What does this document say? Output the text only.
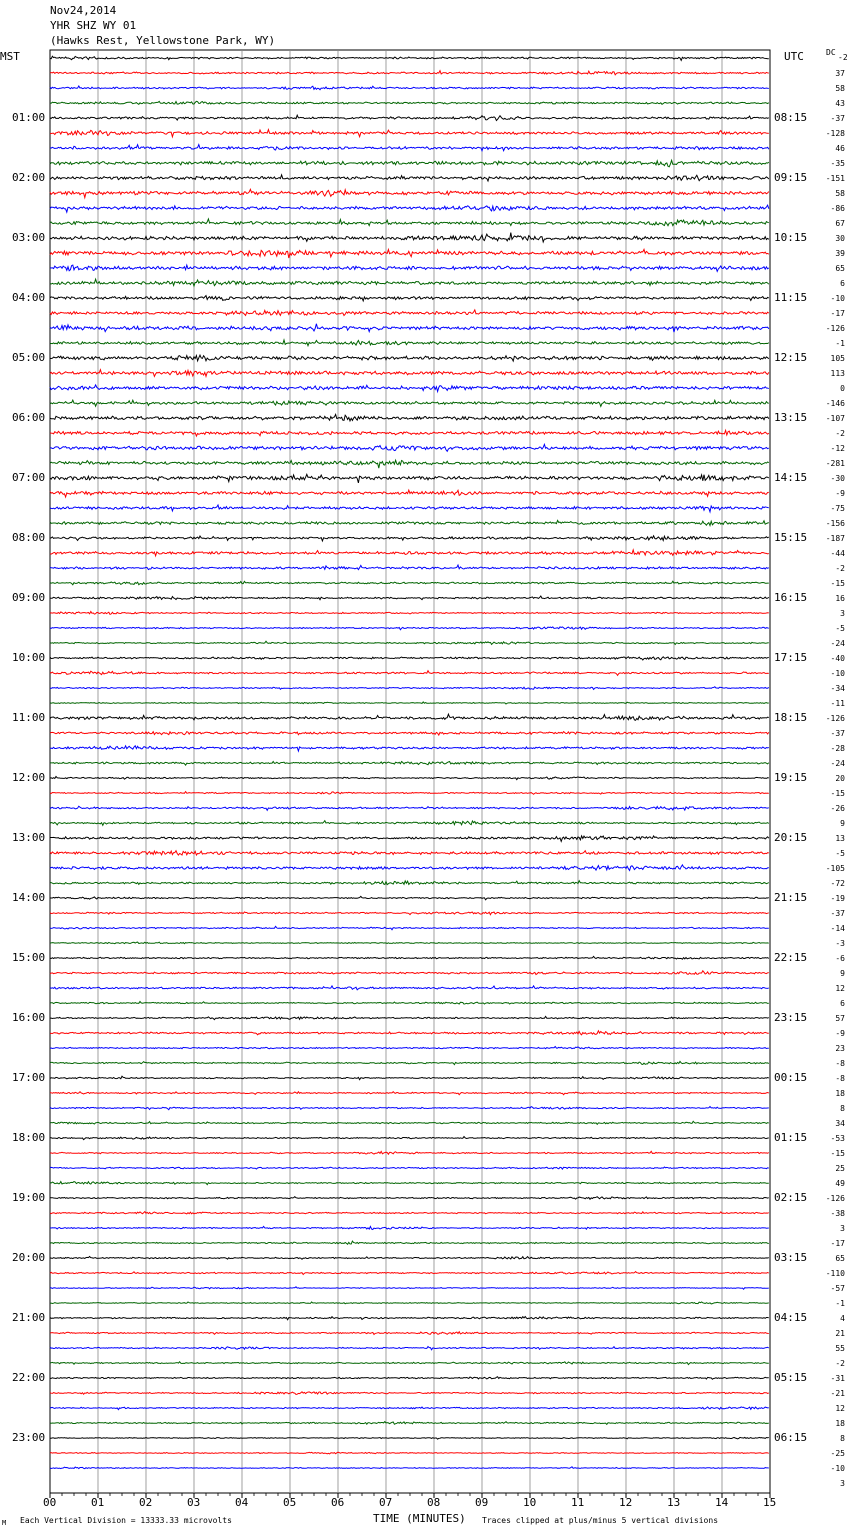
Nov24,2014
YHR SHZ WY 01
(Hawks Rest, Yellowstone Park, WY)
MST	UTC	DC
-2
01:00
02:00
03:00
04:00
05:00
06:00
07:00
08:00
09:00
10:00
11:00
12:00
13:00
14:00
15:00
16:00
17:00
18:00
19:00
20:00
21:00
22:00
23:00
08:15
09:15
10:15
11:15
12:15
13:15
14:15
15:15
16:15
17:15
18:15
19:15
20:15
21:15
22:15
23:15
00:15
01:15
02:15
03:15
04:15
05:15
06:15
37
58
43
-37
-128
46
-35
-151
58
-86
67
30
39
65
6
-10
-17
-126
-1
105
113
0
-146
-107
-2
-12
-281
-30
-9
-75
-156
-187
-44
-2
-15
16
3
-5
-24
-40
-10
-34
-11
-126
-37
-28
-24
20
-15
-26
9
13
-5
-105
-72
-19
-37
-14
-3
-6
9
12
6
57
-9
23
-8
-8
18
8
34
-53
-15
25
49
-126
-38
3
-17
65
-110
-57
-1
4
21
55
-2
-31
-21
12
18
8
-25
-10
3
00	01	02	03	04	05	06	07	08	09	10	11	12	13	14	15
M Each Vertical Division = 13333.33 microvolts	TIME (MINUTES) Traces clipped at plus/minus 5 vertical divisions
